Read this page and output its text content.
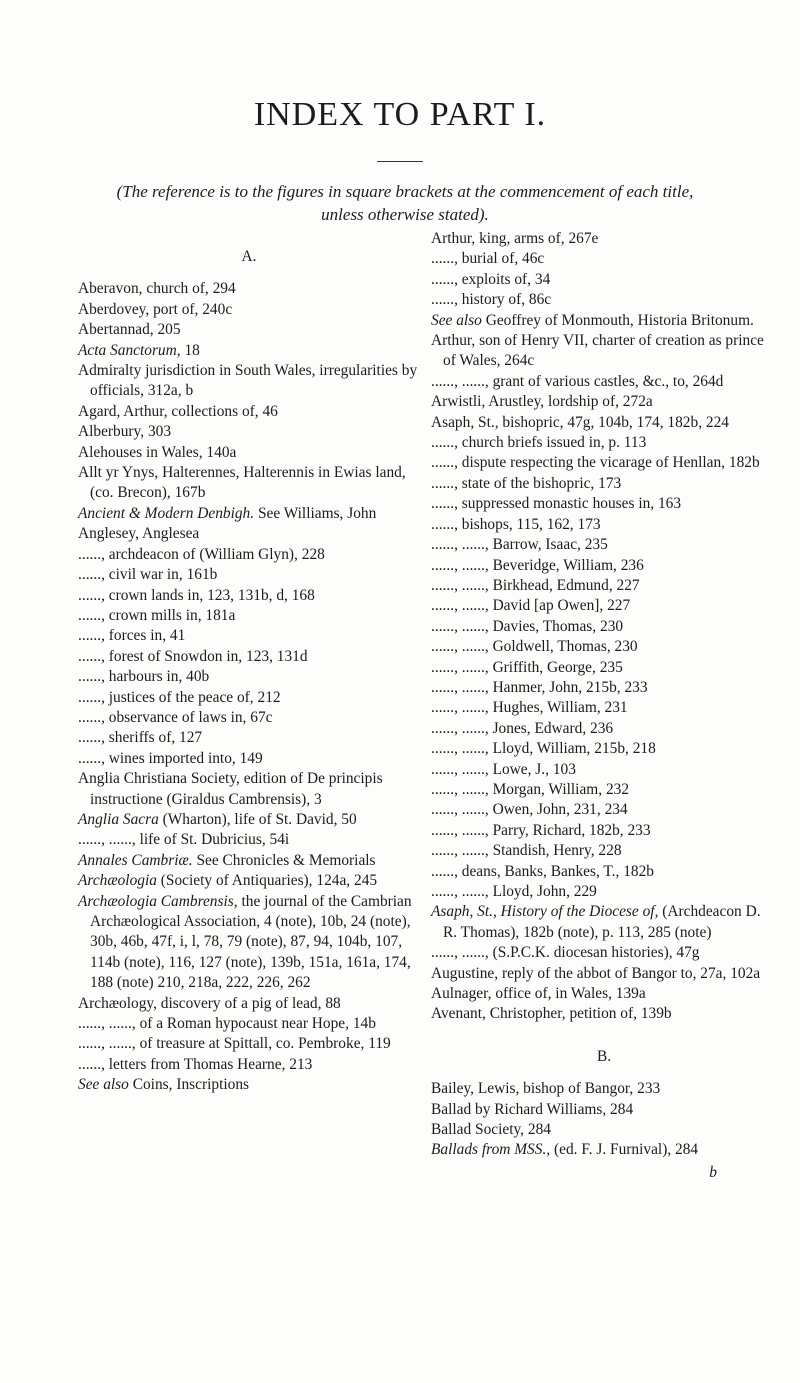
INDEX TO PART I.
(The reference is to the figures in square brackets at the commencement of each title, unless otherwise stated).
A.
Aberavon, church of, 294
Aberdovey, port of, 240c
Abertannad, 205
Acta Sanctorum, 18
Admiralty jurisdiction in South Wales, irregularities by officials, 312a, b
Agard, Arthur, collections of, 46
Alberbury, 303
Alehouses in Wales, 140a
Allt yr Ynys, Halterennes, Halterennis in Ewias land, (co. Brecon), 167b
Ancient & Modern Denbigh. See Williams, John
Anglesey, Anglesea
......, archdeacon of (William Glyn), 228
......, civil war in, 161b
......, crown lands in, 123, 131b, d, 168
......, crown mills in, 181a
......, forces in, 41
......, forest of Snowdon in, 123, 131d
......, harbours in, 40b
......, justices of the peace of, 212
......, observance of laws in, 67c
......, sheriffs of, 127
......, wines imported into, 149
Anglia Christiana Society, edition of De principis instructione (Giraldus Cambrensis), 3
Anglia Sacra (Wharton), life of St. David, 50
......, ......, life of St. Dubricius, 54i
Annales Cambriæ. See Chronicles & Memorials
Archæologia (Society of Antiquaries), 124a, 245
Archæologia Cambrensis, the journal of the Cambrian Archæological Association, 4 (note), 10b, 24 (note), 30b, 46b, 47f, i, l, 78, 79 (note), 87, 94, 104b, 107, 114b (note), 116, 127 (note), 139b, 151a, 161a, 174, 188 (note) 210, 218a, 222, 226, 262
Archæology, discovery of a pig of lead, 88
......, ......, of a Roman hypocaust near Hope, 14b
......, ......, of treasure at Spittall, co. Pembroke, 119
......, letters from Thomas Hearne, 213
See also Coins, Inscriptions
Arthur, king, arms of, 267e
......, burial of, 46c
......, exploits of, 34
......, history of, 86c
See also Geoffrey of Monmouth, Historia Britonum.
Arthur, son of Henry VII, charter of creation as prince of Wales, 264c
......, ......, grant of various castles, &c., to, 264d
Arwistli, Arustley, lordship of, 272a
Asaph, St., bishopric, 47g, 104b, 174, 182b, 224
......, church briefs issued in, p. 113
......, dispute respecting the vicarage of Henllan, 182b
......, state of the bishopric, 173
......, suppressed monastic houses in, 163
......, bishops, 115, 162, 173
......, ......, Barrow, Isaac, 235
......, ......, Beveridge, William, 236
......, ......, Birkhead, Edmund, 227
......, ......, David [ap Owen], 227
......, ......, Davies, Thomas, 230
......, ......, Goldwell, Thomas, 230
......, ......, Griffith, George, 235
......, ......, Hanmer, John, 215b, 233
......, ......, Hughes, William, 231
......, ......, Jones, Edward, 236
......, ......, Lloyd, William, 215b, 218
......, ......, Lowe, J., 103
......, ......, Morgan, William, 232
......, ......, Owen, John, 231, 234
......, ......, Parry, Richard, 182b, 233
......, ......, Standish, Henry, 228
......, deans, Banks, Bankes, T., 182b
......, ......, Lloyd, John, 229
Asaph, St., History of the Diocese of, (Archdeacon D. R. Thomas), 182b (note), p. 113, 285 (note)
......, ......, (S.P.C.K. diocesan histories), 47g
Augustine, reply of the abbot of Bangor to, 27a, 102a
Aulnager, office of, in Wales, 139a
Avenant, Christopher, petition of, 139b
B.
Bailey, Lewis, bishop of Bangor, 233
Ballad by Richard Williams, 284
Ballad Society, 284
Ballads from MSS., (ed. F. J. Furnival), 284
b
